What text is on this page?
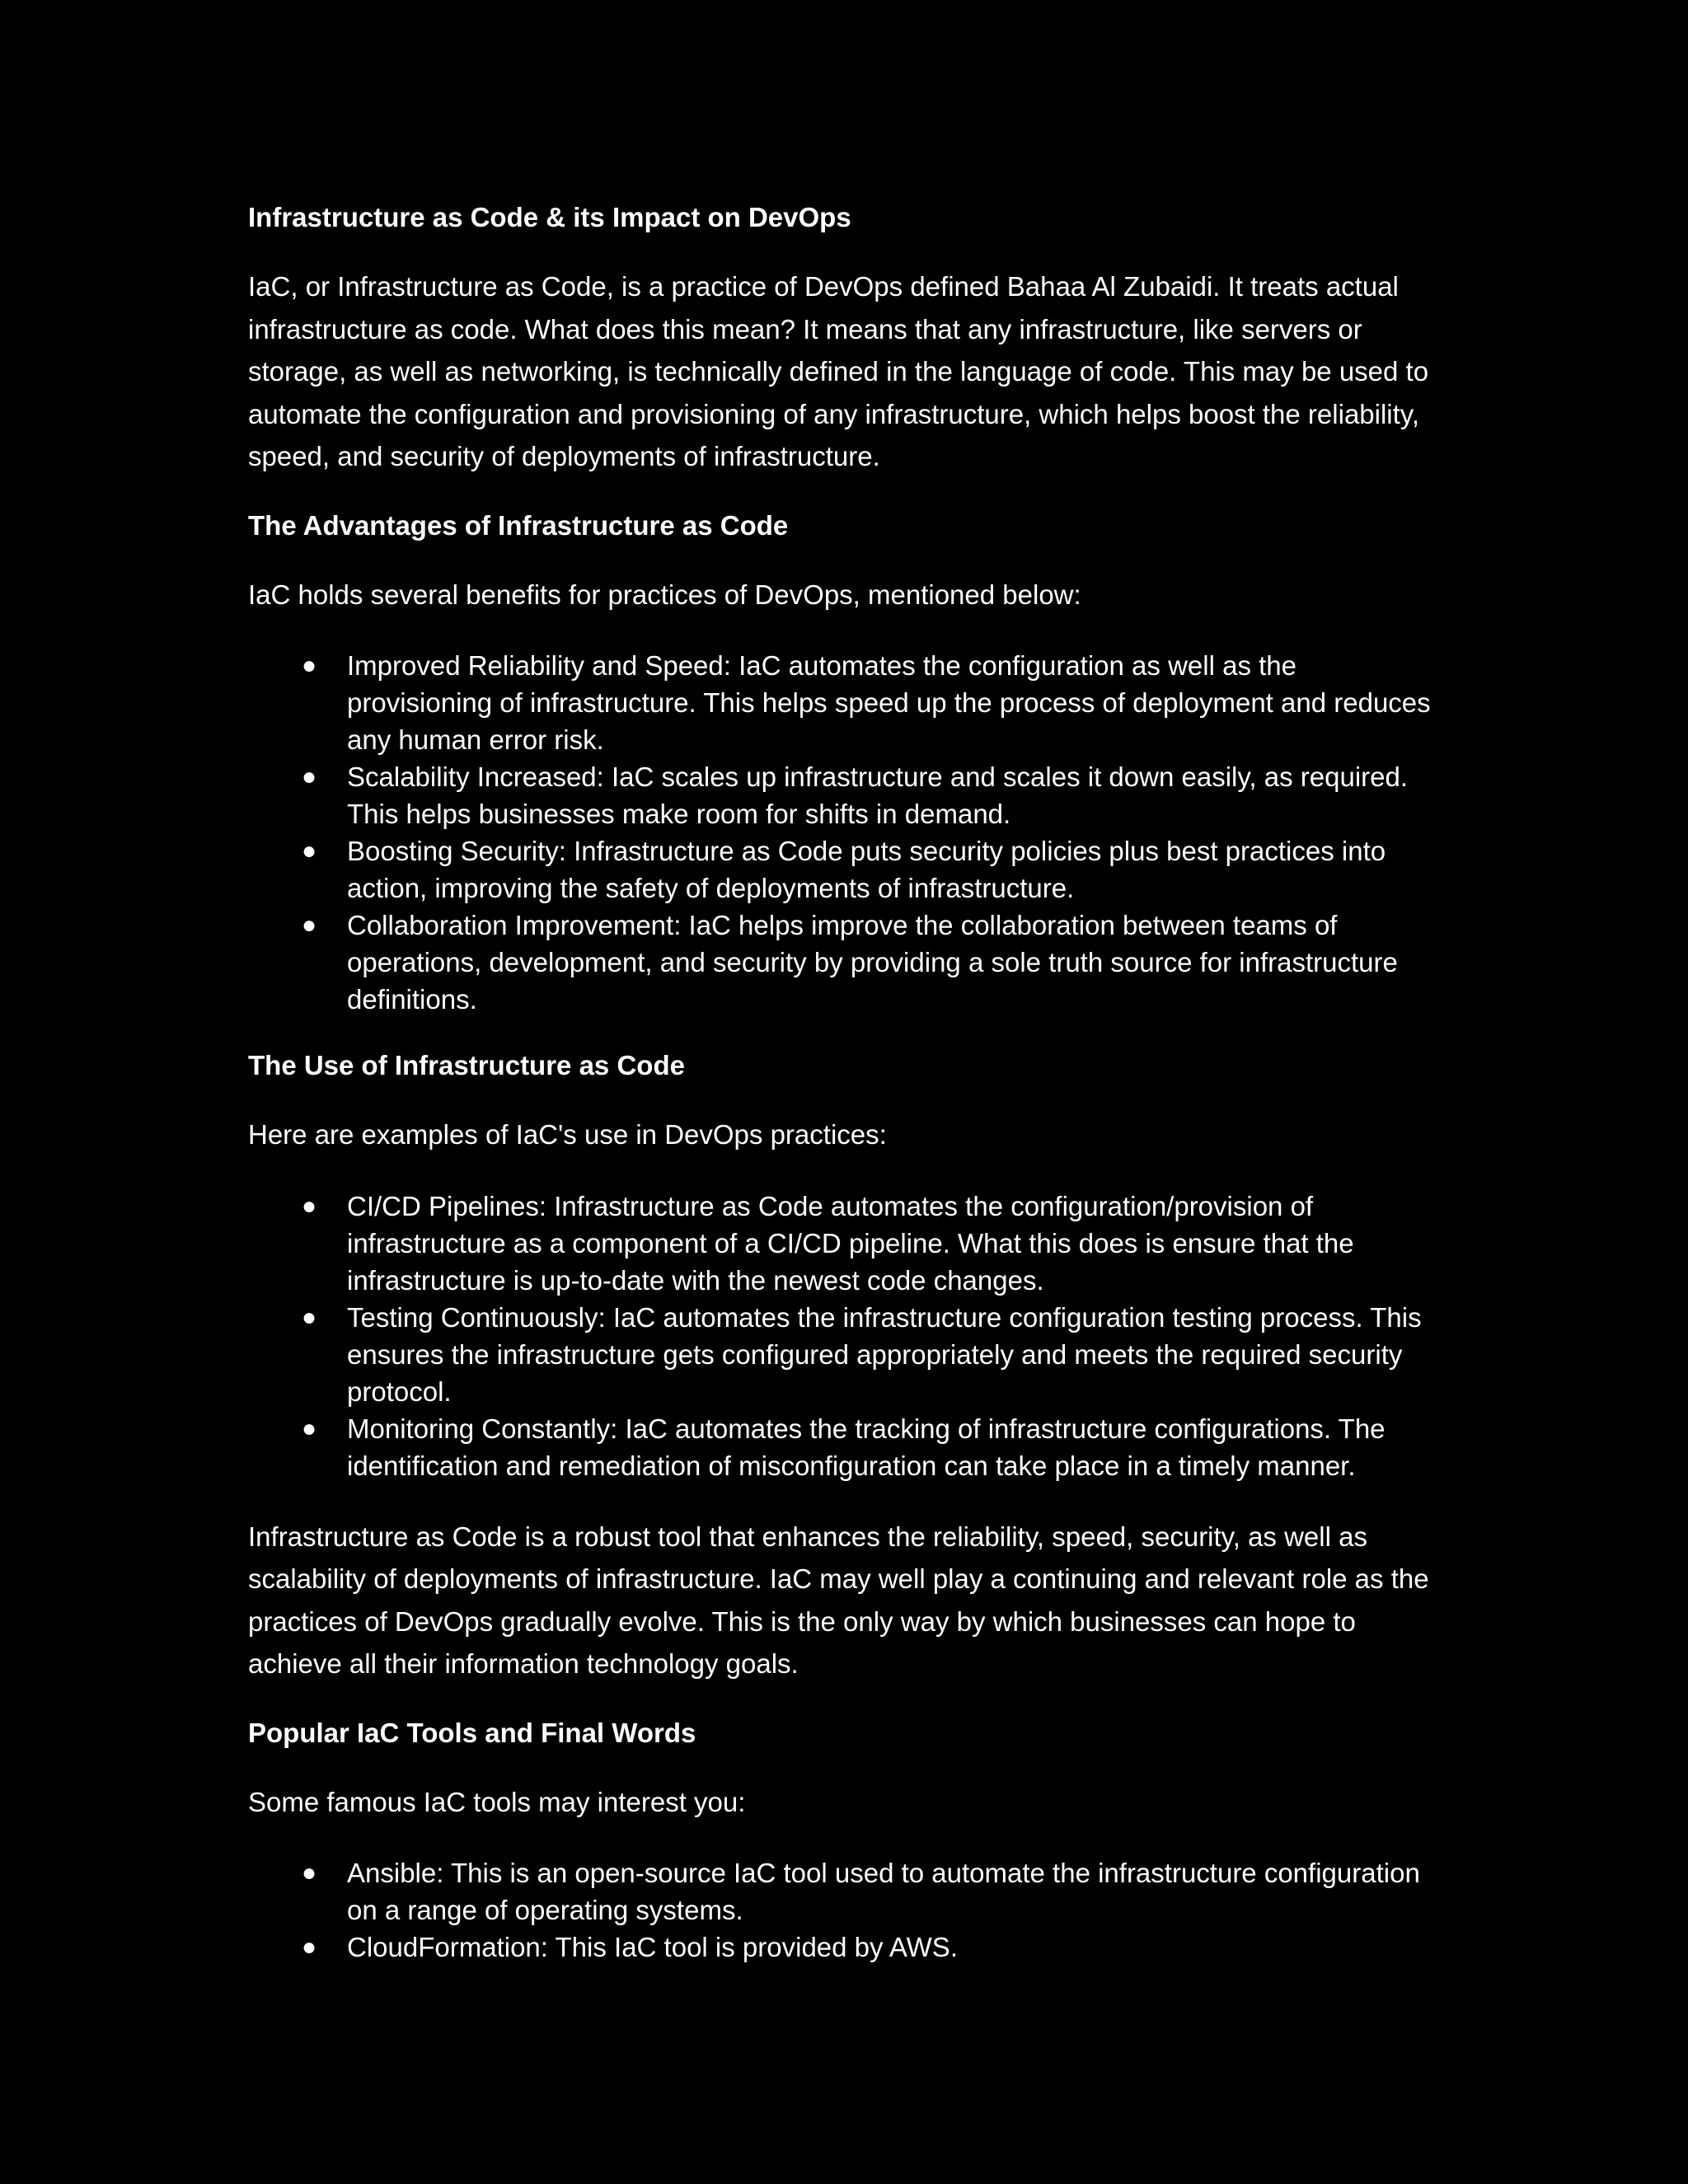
Infrastructure as Code & its Impact on DevOps

IaC, or Infrastructure as Code, is a practice of DevOps defined Bahaa Al Zubaidi. It treats actual infrastructure as code. What does this mean? It means that any infrastructure, like servers or storage, as well as networking, is technically defined in the language of code. This may be used to automate the configuration and provisioning of any infrastructure, which helps boost the reliability, speed, and security of deployments of infrastructure.

The Advantages of Infrastructure as Code

IaC holds several benefits for practices of DevOps, mentioned below:

● Improved Reliability and Speed: IaC automates the configuration as well as the provisioning of infrastructure. This helps speed up the process of deployment and reduces any human error risk.
● Scalability Increased: IaC scales up infrastructure and scales it down easily, as required. This helps businesses make room for shifts in demand.
● Boosting Security: Infrastructure as Code puts security policies plus best practices into action, improving the safety of deployments of infrastructure.
● Collaboration Improvement: IaC helps improve the collaboration between teams of operations, development, and security by providing a sole truth source for infrastructure definitions.
The Use of Infrastructure as Code

Here are examples of IaC's use in DevOps practices:

● CI/CD Pipelines: Infrastructure as Code automates the configuration/provision of infrastructure as a component of a CI/CD pipeline. What this does is ensure that the infrastructure is up-to-date with the newest code changes.
● Testing Continuously: IaC automates the infrastructure configuration testing process. This ensures the infrastructure gets configured appropriately and meets the required security protocol.
● Monitoring Constantly: IaC automates the tracking of infrastructure configurations. The identification and remediation of misconfiguration can take place in a timely manner.

Infrastructure as Code is a robust tool that enhances the reliability, speed, security, as well as scalability of deployments of infrastructure. IaC may well play a continuing and relevant role as the practices of DevOps gradually evolve. This is the only way by which businesses can hope to achieve all their information technology goals.

Popular IaC Tools and Final Words

Some famous IaC tools may interest you:

● Ansible: This is an open-source IaC tool used to automate the infrastructure configuration on a range of operating systems.
● CloudFormation: This IaC tool is provided by AWS.
